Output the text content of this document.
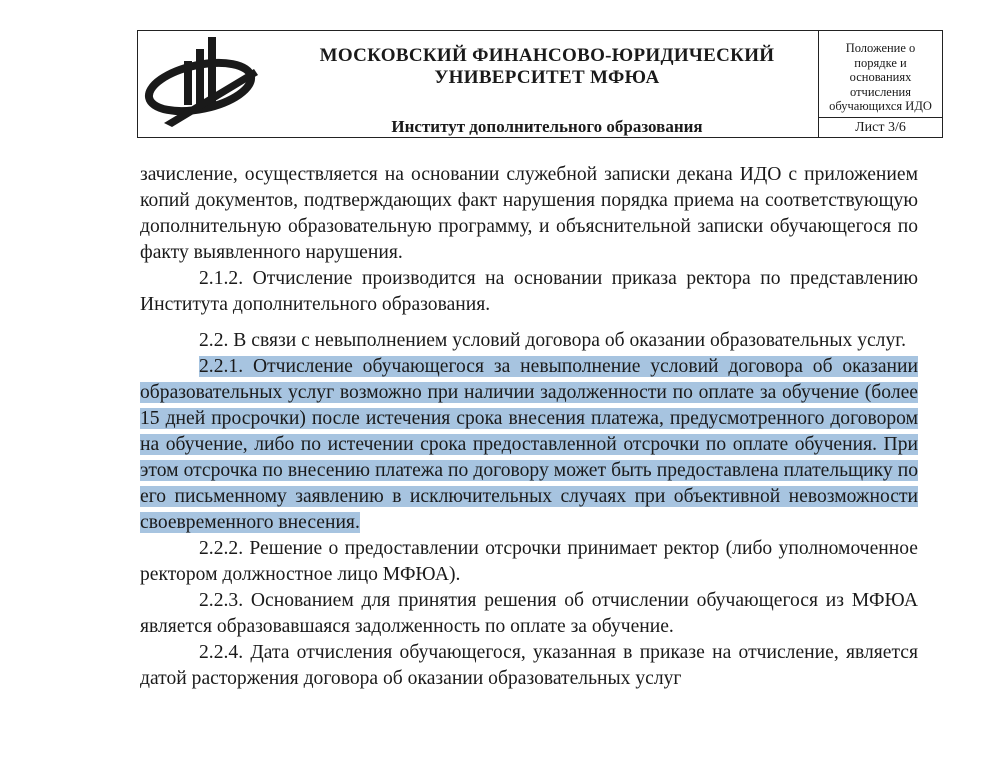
МОСКОВСКИЙ ФИНАНСОВО-ЮРИДИЧЕСКИЙ
УНИВЕРСИТЕТ МФЮА
Институт дополнительного образования
Положение о порядке и основаниях отчисления обучающихся ИДО
Лист 3/6

зачисление, осуществляется на основании служебной записки декана ИДО с приложением копий документов, подтверждающих факт нарушения порядка приема на соответствующую дополнительную образовательную программу, и объяснительной записки обучающегося по факту выявленного нарушения.

2.1.2. Отчисление производится на основании приказа ректора по представлению Института дополнительного образования.

2.2. В связи с невыполнением условий договора об оказании образовательных услуг.

2.2.1. Отчисление обучающегося за невыполнение условий договора об оказании образовательных услуг возможно при наличии задолженности по оплате за обучение (более 15 дней просрочки) после истечения срока внесения платежа, предусмотренного договором на обучение, либо по истечении срока предоставленной отсрочки по оплате обучения. При этом отсрочка по внесению платежа по договору может быть предоставлена плательщику по его письменному заявлению в исключительных случаях при объективной невозможности своевременного внесения.

2.2.2. Решение о предоставлении отсрочки принимает ректор (либо уполномоченное ректором должностное лицо МФЮА).

2.2.3. Основанием для принятия решения об отчислении обучающегося из МФЮА является образовавшаяся задолженность по оплате за обучение.

2.2.4. Дата отчисления обучающегося, указанная в приказе на отчисление, является датой расторжения договора об оказании образовательных услуг
